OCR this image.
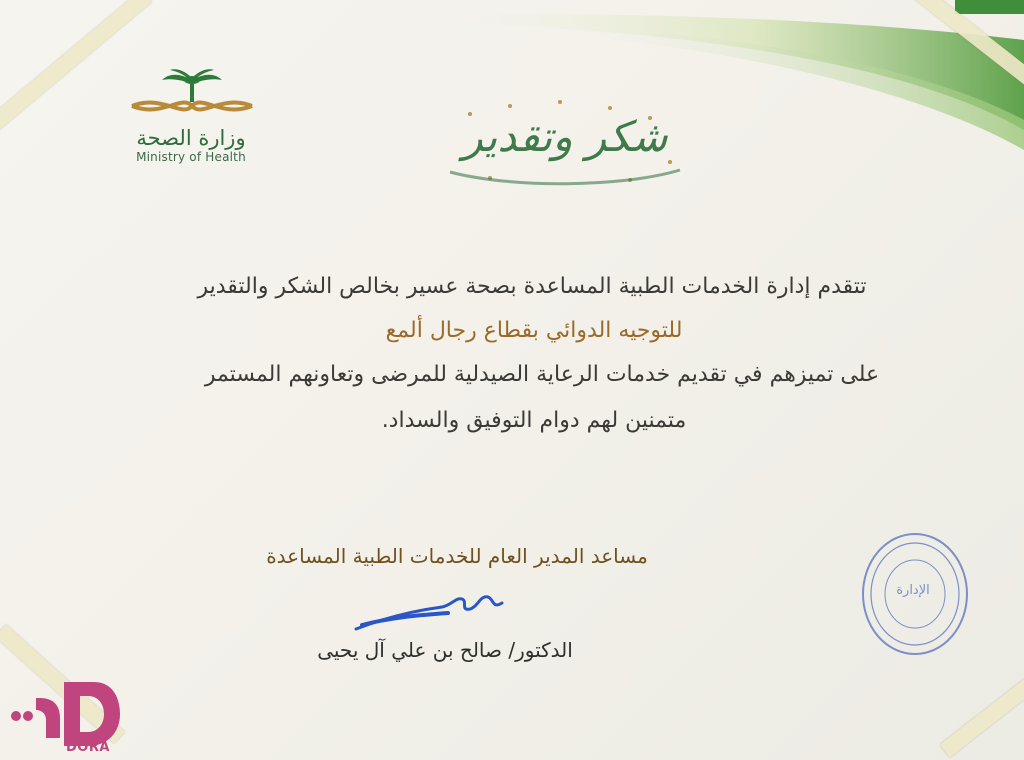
وزارة الصحة
Ministry of Health	شكر وتقدير
تتقدم إدارة الخدمات الطبية المساعدة بصحة عسير بخالص الشكر والتقدير
للتوجيه الدوائي بقطاع رجال ألمع
على تميزهم في تقديم خدمات الرعاية الصيدلية للمرضى وتعاونهم المستمر
متمنين لهم دوام التوفيق والسداد.
مساعد المدير العام للخدمات الطبية المساعدة
الدكتور/ صالح بن علي آل يحيى
الإدارة
DORA
